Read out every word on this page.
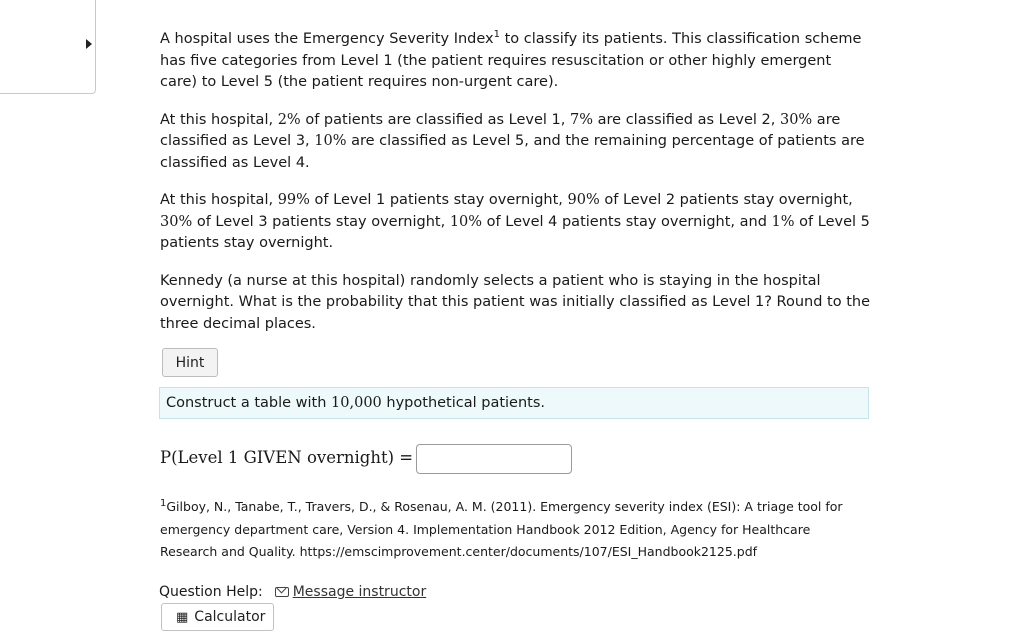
A hospital uses the Emergency Severity Index$^1$ to classify its patients. This classification scheme has five categories from Level 1 (the patient requires resuscitation or other highly emergent care) to Level 5 (the patient requires non-urgent care).

At this hospital, 2% of patients are classified as Level 1, 7% are classified as Level 2, 30% are classified as Level 3, 10% are classified as Level 5, and the remaining percentage of patients are classified as Level 4.

At this hospital, 99% of Level 1 patients stay overnight, 90% of Level 2 patients stay overnight, 30% of Level 3 patients stay overnight, 10% of Level 4 patients stay overnight, and 1% of Level 5 patients stay overnight.

Kennedy (a nurse at this hospital) randomly selects a patient who is staying in the hospital overnight. What is the probability that this patient was initially classified as Level 1? Round to the three decimal places.

Hint
Construct a table with 10,000 hypothetical patients.
P(Level 1 GIVEN overnight) =
$^1$Gilboy, N., Tanabe, T., Travers, D., & Rosenau, A. M. (2011). Emergency severity index (ESI): A triage tool for emergency department care, Version 4. Implementation Handbook 2012 Edition, Agency for Healthcare Research and Quality. https://emscimprovement.center/documents/107/ESI_Handbook2125.pdf
Question Help: Message instructor
▦ Calculator
